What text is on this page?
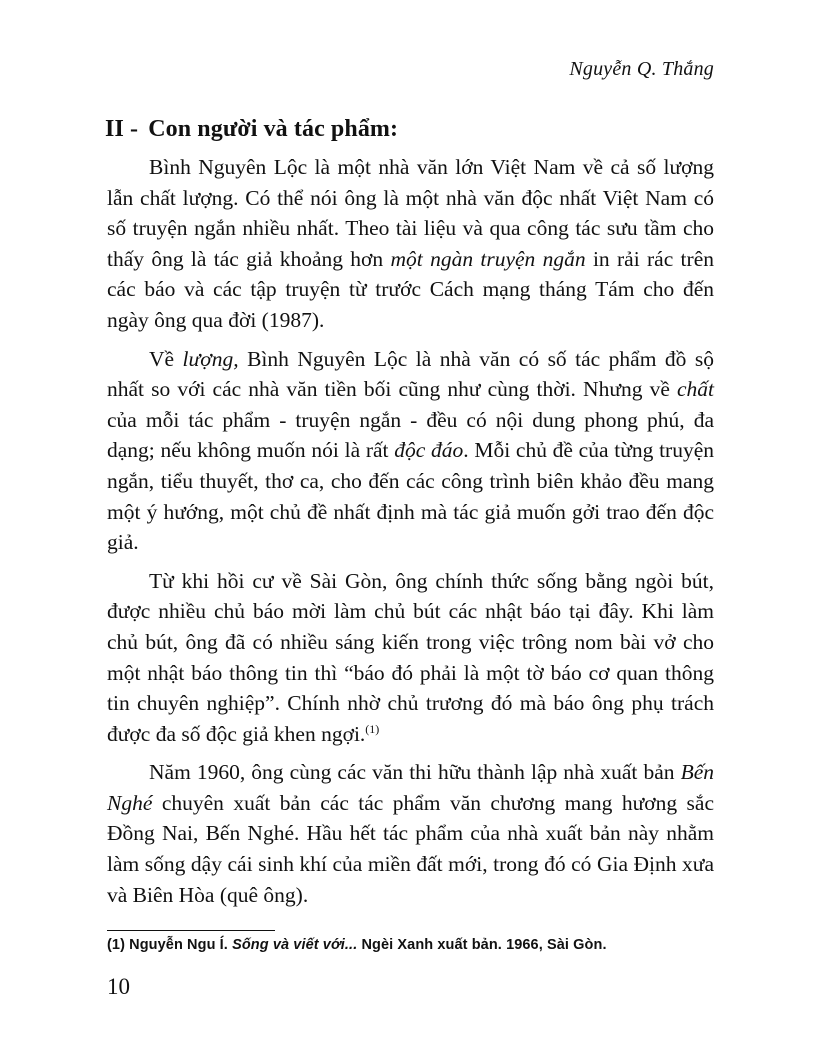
Nguyễn Q. Thắng
II - Con người và tác phẩm:

Bình Nguyên Lộc là một nhà văn lớn Việt Nam về cả số lượng lẫn chất lượng. Có thể nói ông là một nhà văn độc nhất Việt Nam có số truyện ngắn nhiều nhất. Theo tài liệu và qua công tác sưu tầm cho thấy ông là tác giả khoảng hơn một ngàn truyện ngắn in rải rác trên các báo và các tập truyện từ trước Cách mạng tháng Tám cho đến ngày ông qua đời (1987).

Về lượng, Bình Nguyên Lộc là nhà văn có số tác phẩm đồ sộ nhất so với các nhà văn tiền bối cũng như cùng thời. Nhưng về chất của mỗi tác phẩm - truyện ngắn - đều có nội dung phong phú, đa dạng; nếu không muốn nói là rất độc đáo. Mỗi chủ đề của từng truyện ngắn, tiểu thuyết, thơ ca, cho đến các công trình biên khảo đều mang một ý hướng, một chủ đề nhất định mà tác giả muốn gởi trao đến độc giả.

Từ khi hồi cư về Sài Gòn, ông chính thức sống bằng ngòi bút, được nhiều chủ báo mời làm chủ bút các nhật báo tại đây. Khi làm chủ bút, ông đã có nhiều sáng kiến trong việc trông nom bài vở cho một nhật báo thông tin thì “báo đó phải là một tờ báo cơ quan thông tin chuyên nghiệp”. Chính nhờ chủ trương đó mà báo ông phụ trách được đa số độc giả khen ngợi.$^{(1)}$

Năm 1960, ông cùng các văn thi hữu thành lập nhà xuất bản Bến Nghé chuyên xuất bản các tác phẩm văn chương mang hương sắc Đồng Nai, Bến Nghé. Hầu hết tác phẩm của nhà xuất bản này nhằm làm sống dậy cái sinh khí của miền đất mới, trong đó có Gia Định xưa và Biên Hòa (quê ông).

(1) Nguyễn Ngu Í. Sống và viết với... Ngèi Xanh xuất bản. 1966, Sài Gòn.
10
